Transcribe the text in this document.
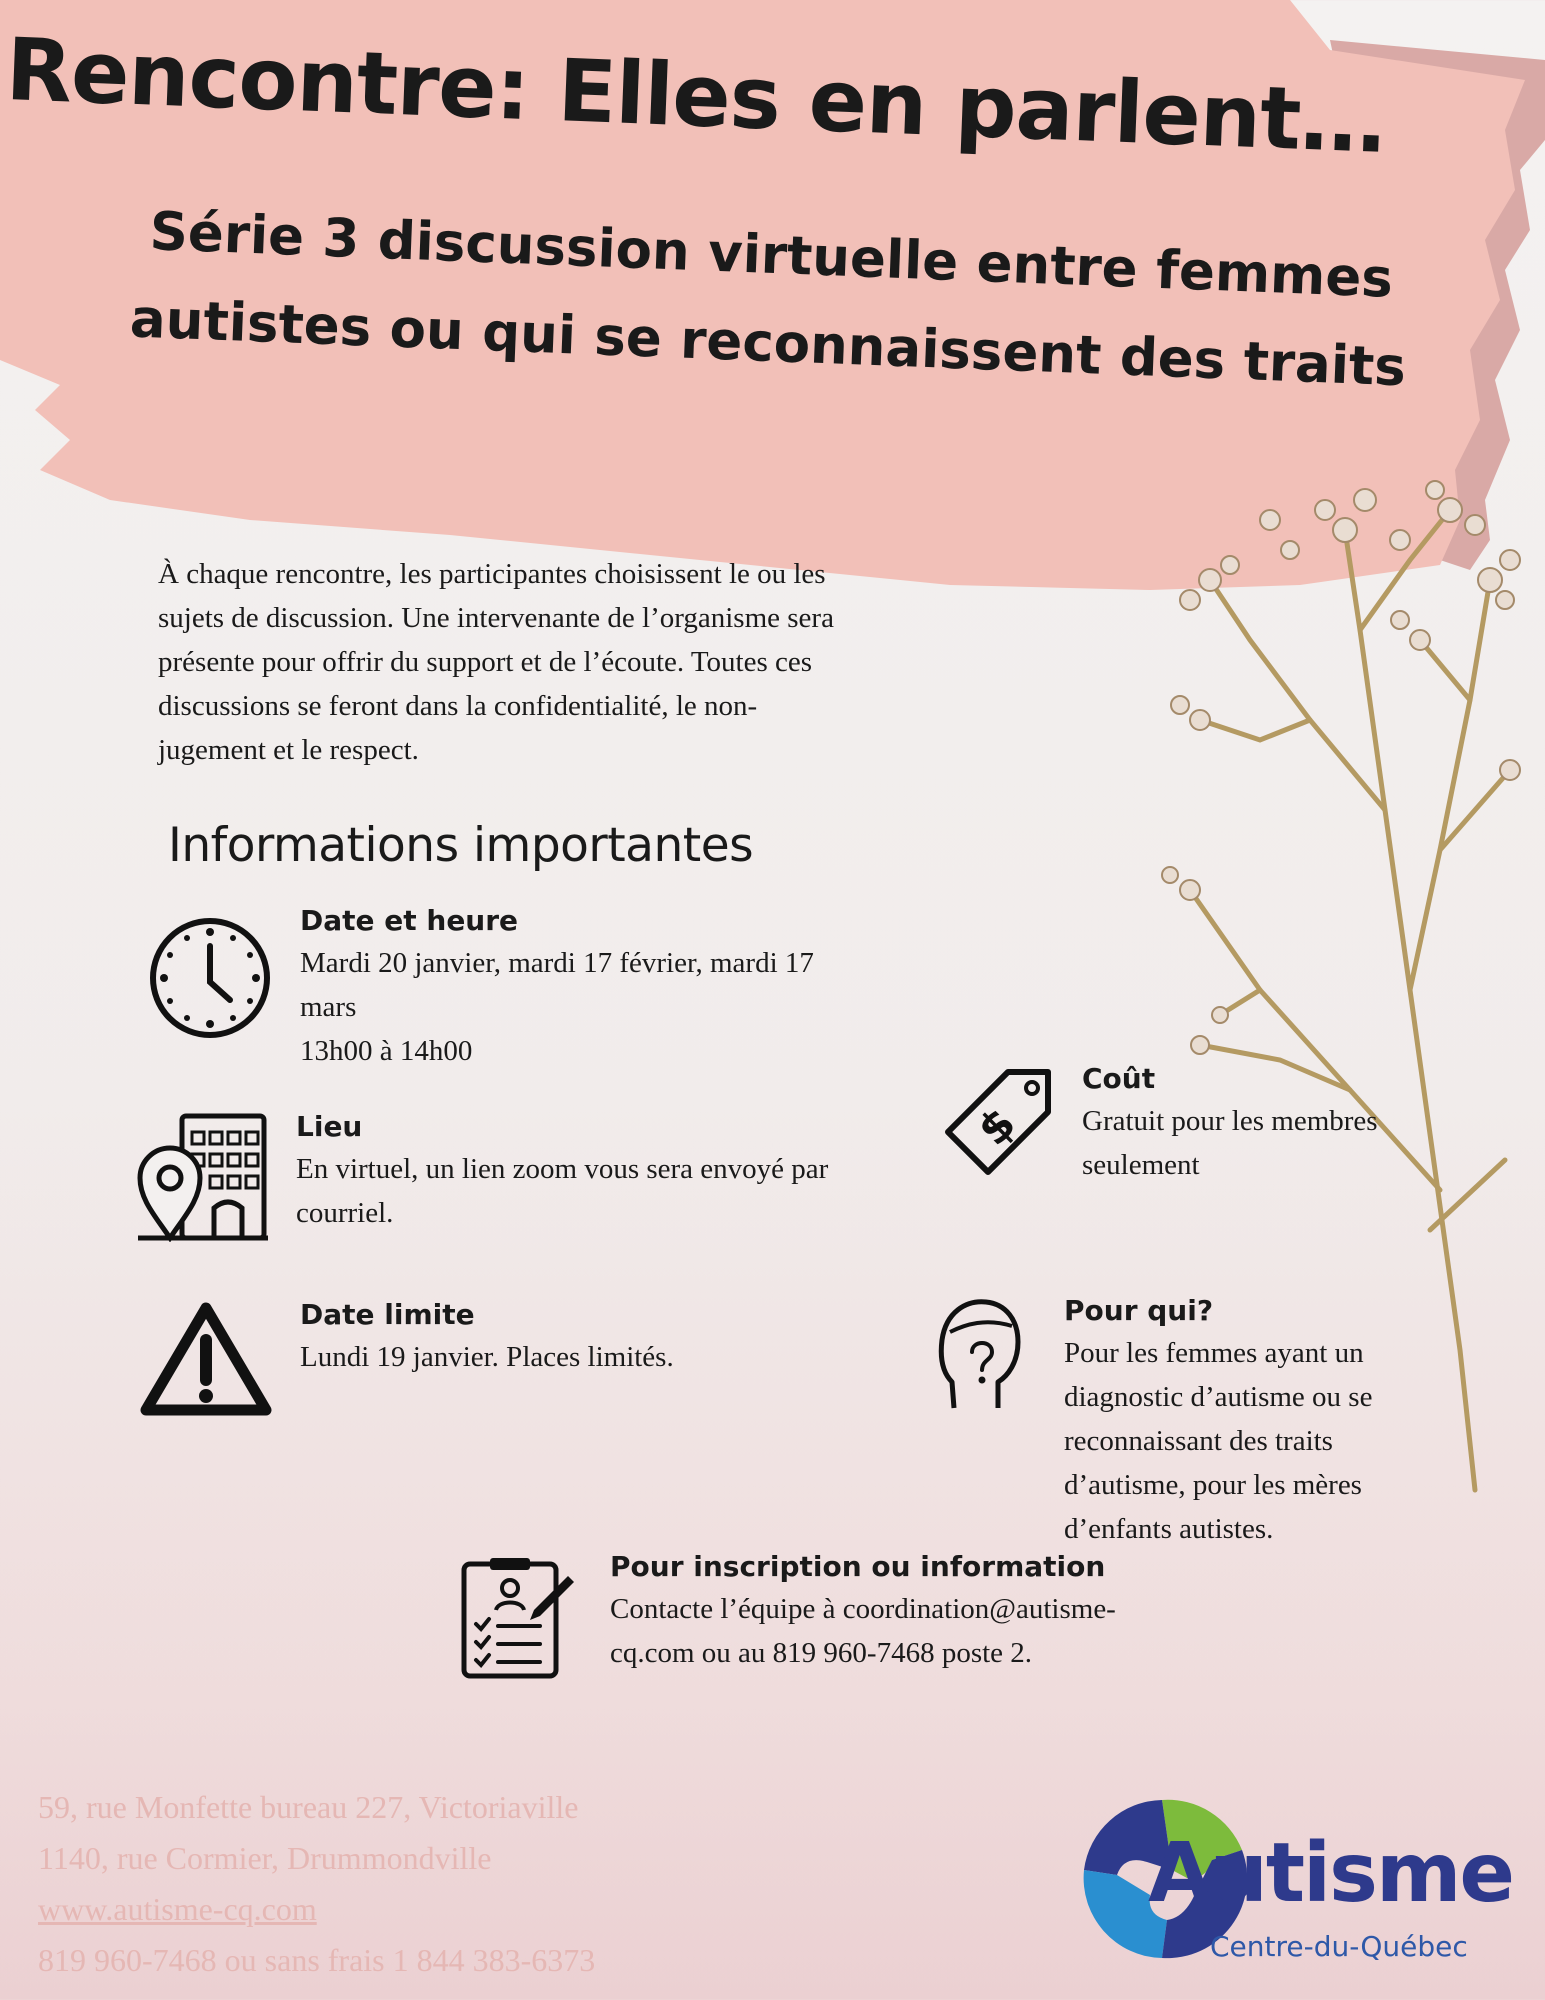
Rencontre: Elles en parlent…
Série 3 discussion virtuelle entre femmes autistes ou qui se reconnaissent des traits
À chaque rencontre, les participantes choisissent le ou les sujets de discussion. Une intervenante de l’organisme sera présente pour offrir du support et de l’écoute. Toutes ces discussions se feront dans la confidentialité, le non-jugement et le respect.
Informations importantes
Date et heure
Mardi 20 janvier, mardi 17 février, mardi 17 mars
13h00 à 14h00
Lieu
En virtuel, un lien zoom vous sera envoyé par courriel.
Date limite
Lundi 19 janvier. Places limités.
$
Coût
Gratuit pour les membres seulement
Pour qui?
Pour les femmes ayant un diagnostic d’autisme ou se reconnaissant des traits d’autisme, pour les mères d’enfants autistes.
Pour inscription ou information
Contacte l’équipe à coordination@autisme-cq.com ou au 819 960-7468 poste 2.
59, rue Monfette bureau 227, Victoriaville
1140, rue Cormier, Drummondville
www.autisme-cq.com
819 960-7468 ou sans frais 1 844 383-6373
Autisme
Centre-du-Québec
